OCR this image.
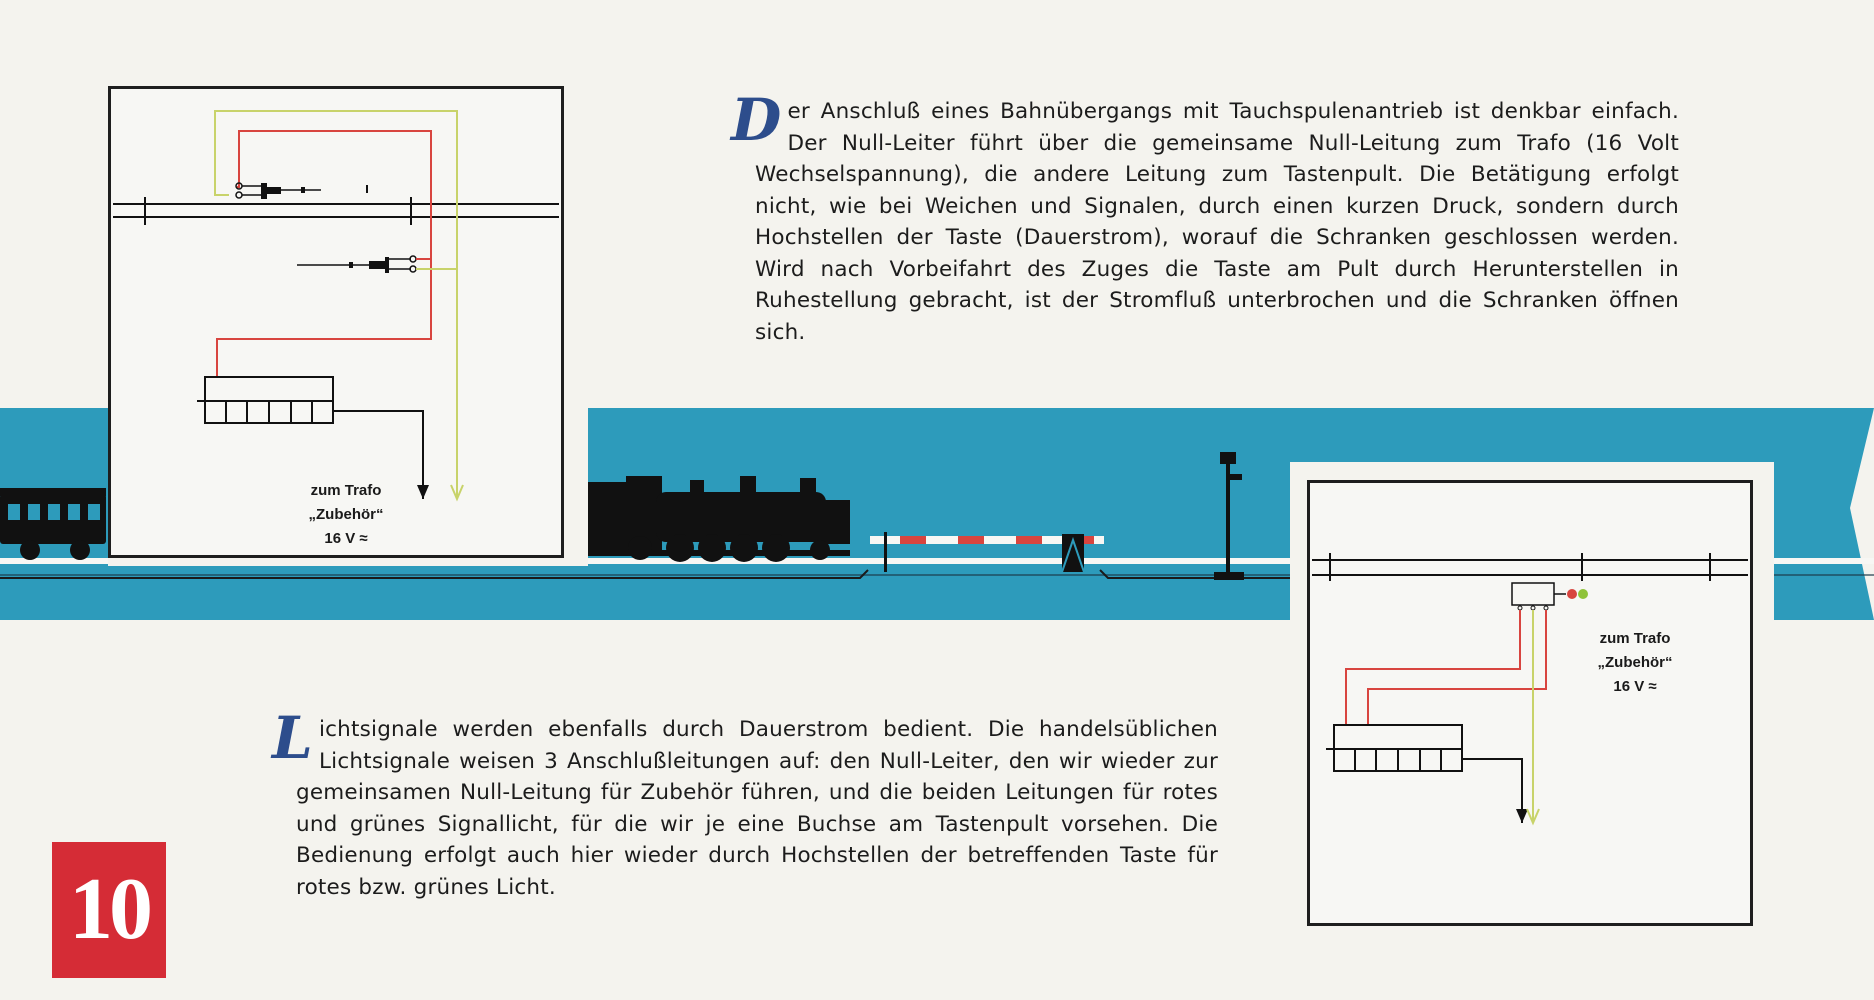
zum Trafo
„Zubehör“
16 V ≈
zum Trafo
„Zubehör“
16 V ≈
Der Anschluß eines Bahnübergangs mit Tauchspulenantrieb ist denkbar einfach. Der Null-Leiter führt über die gemeinsame Null-Leitung zum Trafo (16 Volt Wechselspannung), die andere Leitung zum Tastenpult. Die Betätigung erfolgt nicht, wie bei Weichen und Signalen, durch einen kurzen Druck, sondern durch Hochstellen der Taste (Dauerstrom), worauf die Schranken geschlossen werden. Wird nach Vorbeifahrt des Zuges die Taste am Pult durch Herunterstellen in Ruhestellung gebracht, ist der Stromfluß unterbrochen und die Schranken öffnen sich.
Lichtsignale werden ebenfalls durch Dauerstrom bedient. Die handelsüblichen Lichtsignale weisen 3 Anschlußleitungen auf: den Null-Leiter, den wir wieder zur gemeinsamen Null-Leitung für Zubehör führen, und die beiden Leitungen für rotes und grünes Signallicht, für die wir je eine Buchse am Tastenpult vorsehen. Die Bedienung erfolgt auch hier wieder durch Hochstellen der betreffenden Taste für rotes bzw. grünes Licht.
10
